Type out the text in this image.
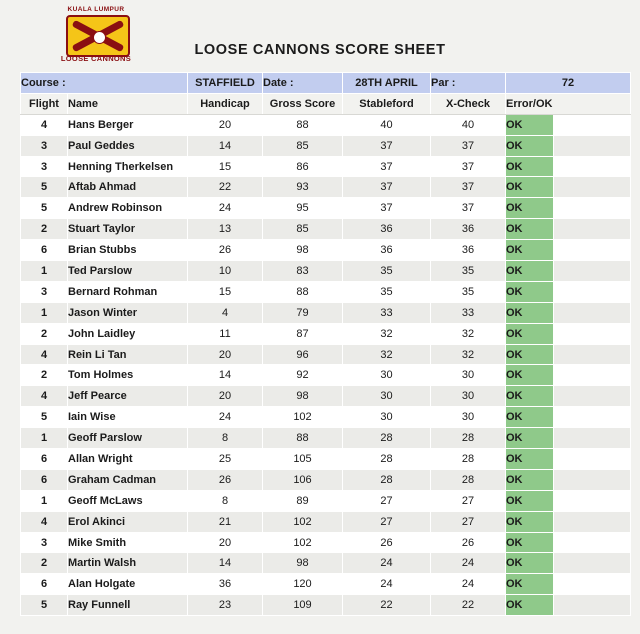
KUALA LUMPUR
LOOSE CANNONS
LOOSE CANNONS SCORE SHEET
Course :		STAFFIELD	Date :	28TH APRIL	Par :	72	
Flight	Name	Handicap	Gross Score	Stableford	X-Check	Error/OK	
4	Hans Berger	20	88	40	40	OK	
3	Paul Geddes	14	85	37	37	OK	
3	Henning Therkelsen	15	86	37	37	OK	
5	Aftab Ahmad	22	93	37	37	OK	
5	Andrew Robinson	24	95	37	37	OK	
2	Stuart Taylor	13	85	36	36	OK	
6	Brian Stubbs	26	98	36	36	OK	
1	Ted Parslow	10	83	35	35	OK	
3	Bernard Rohman	15	88	35	35	OK	
1	Jason Winter	4	79	33	33	OK	
2	John Laidley	11	87	32	32	OK	
4	Rein Li Tan	20	96	32	32	OK	
2	Tom Holmes	14	92	30	30	OK	
4	Jeff Pearce	20	98	30	30	OK	
5	Iain Wise	24	102	30	30	OK	
1	Geoff Parslow	8	88	28	28	OK	
6	Allan Wright	25	105	28	28	OK	
6	Graham Cadman	26	106	28	28	OK	
1	Geoff McLaws	8	89	27	27	OK	
4	Erol Akinci	21	102	27	27	OK	
3	Mike Smith	20	102	26	26	OK	
2	Martin Walsh	14	98	24	24	OK	
6	Alan Holgate	36	120	24	24	OK	
5	Ray Funnell	23	109	22	22	OK	
